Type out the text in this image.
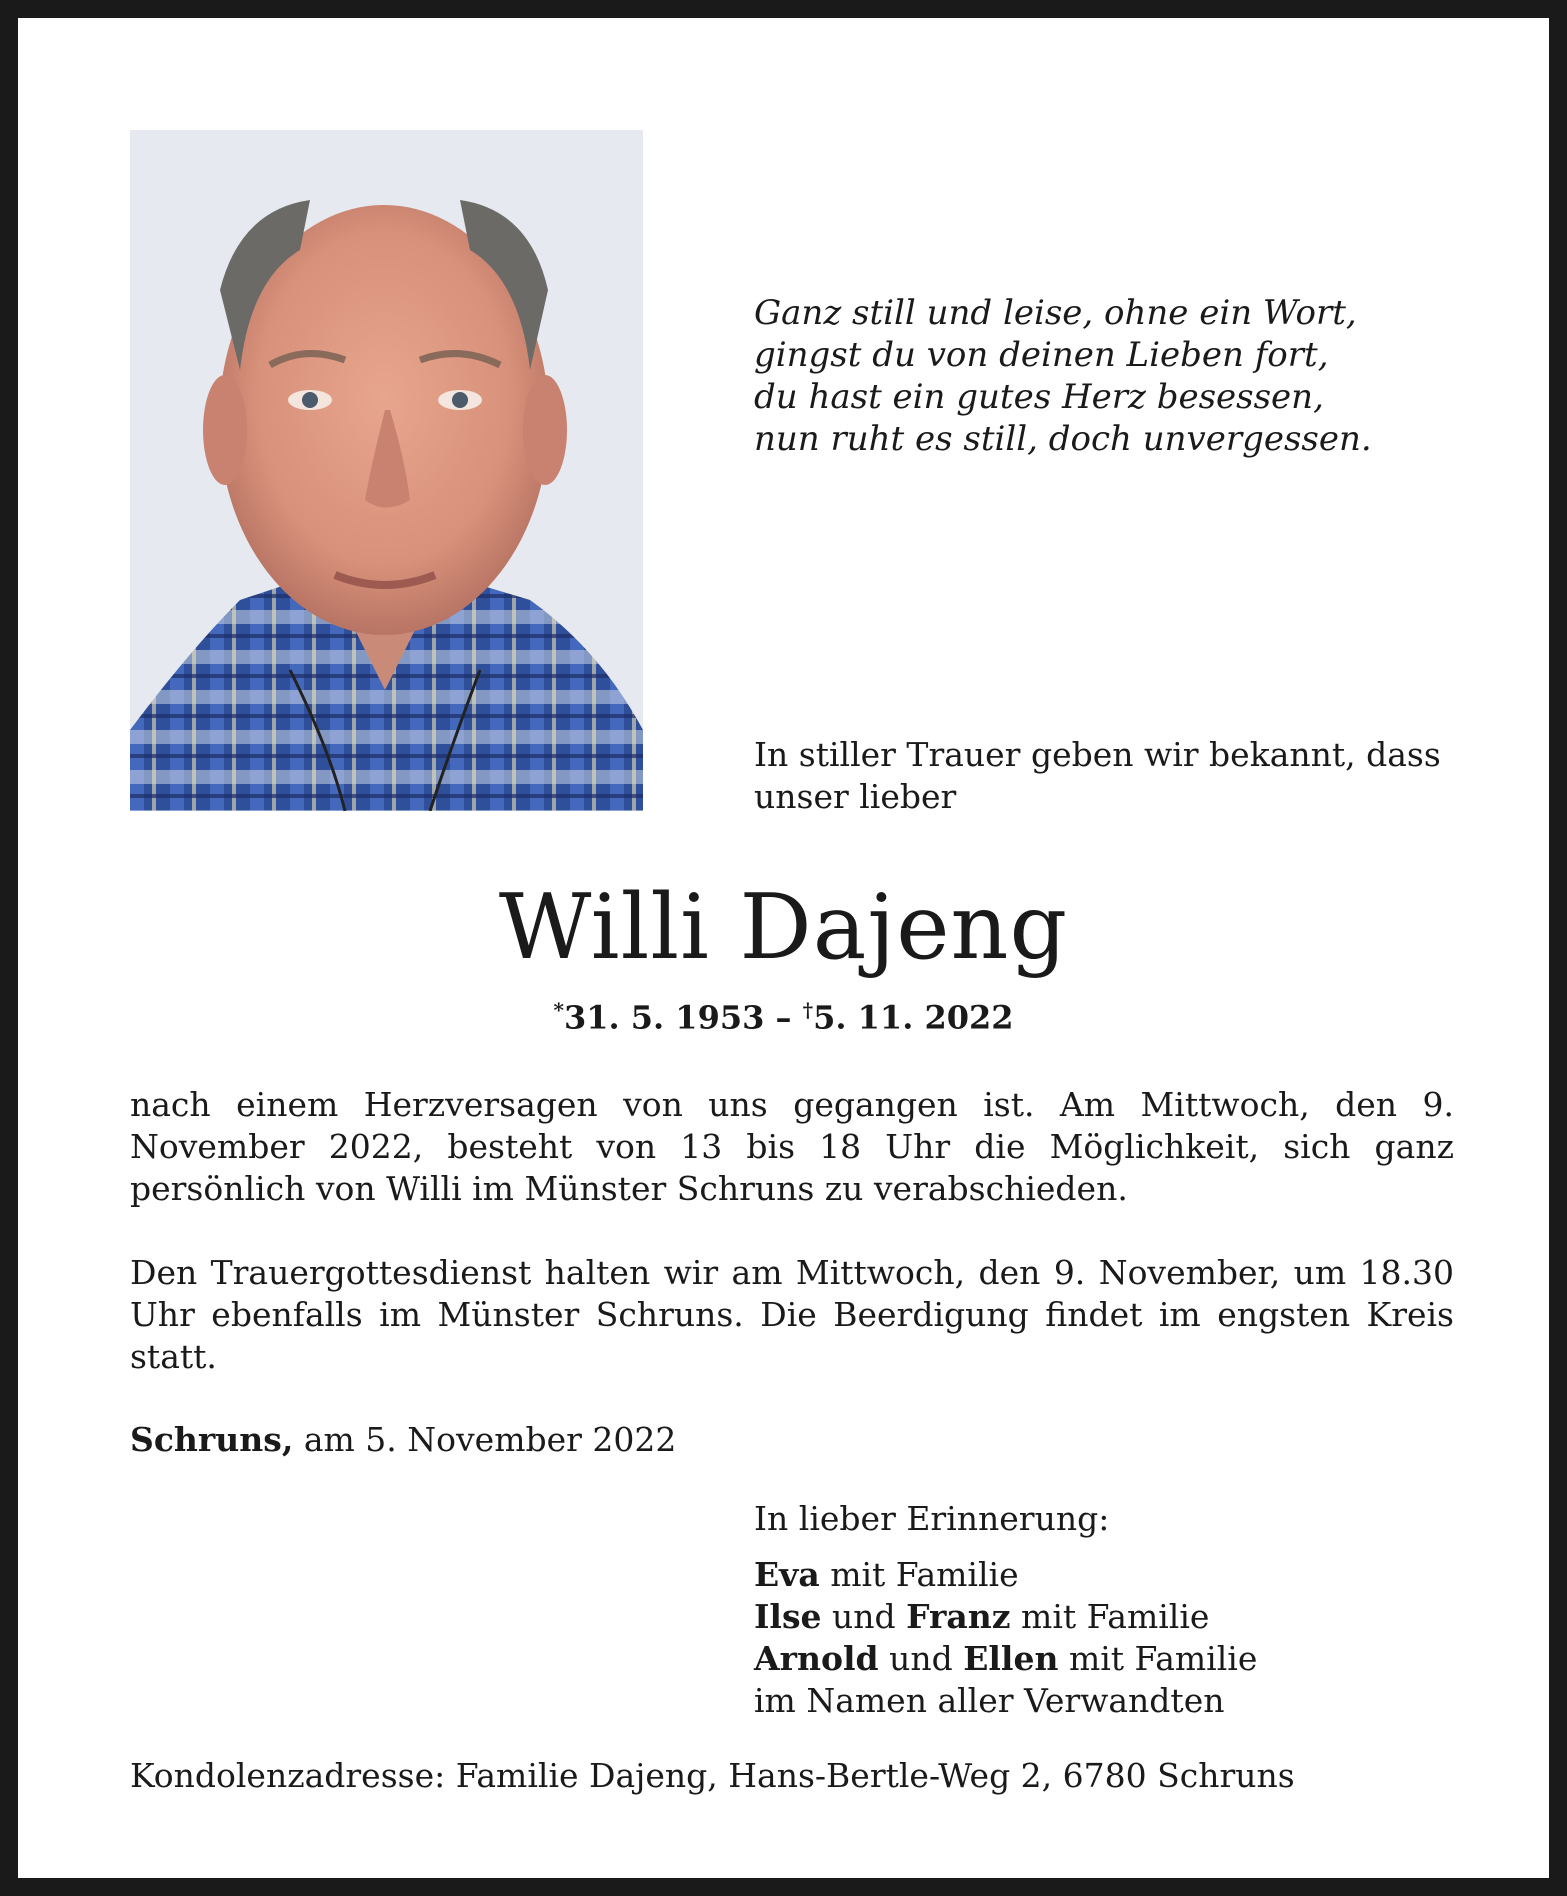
Ganz still und leise, ohne ein Wort,
gingst du von deinen Lieben fort,
du hast ein gutes Herz besessen,
nun ruht es still, doch unvergessen.
In stiller Trauer geben wir bekannt, dass
unser lieber
Willi Dajeng
*31. 5. 1953 – †5. 11. 2022
nach einem Herzversagen von uns gegangen ist. Am Mittwoch, den 9. November 2022, besteht von 13 bis 18 Uhr die Möglichkeit, sich ganz persönlich von Willi im Münster Schruns zu verabschieden.
Den Trauergottesdienst halten wir am Mittwoch, den 9. November, um 18.30 Uhr ebenfalls im Münster Schruns. Die Beerdigung findet im engsten Kreis statt.
Schruns, am 5. November 2022
In lieber Erinnerung:
Eva mit Familie
Ilse und Franz mit Familie
Arnold und Ellen mit Familie
im Namen aller Verwandten
Kondolenzadresse: Familie Dajeng, Hans-Bertle-Weg 2, 6780 Schruns
